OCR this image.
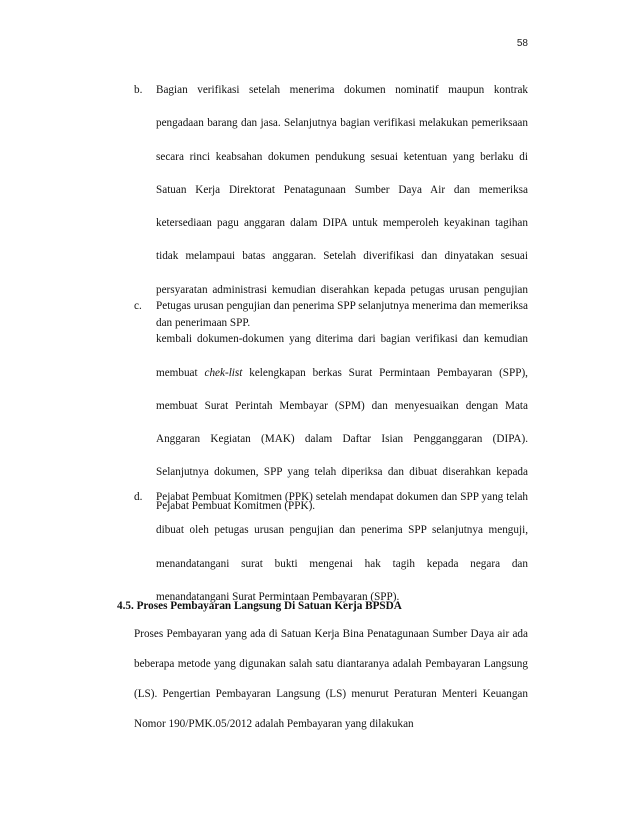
58
b. Bagian verifikasi setelah menerima dokumen nominatif maupun kontrak pengadaan barang dan jasa. Selanjutnya bagian verifikasi melakukan pemeriksaan secara rinci keabsahan dokumen pendukung sesuai ketentuan yang berlaku di Satuan Kerja Direktorat Penatagunaan Sumber Daya Air dan memeriksa ketersediaan pagu anggaran dalam DIPA untuk memperoleh keyakinan tagihan tidak melampaui batas anggaran. Setelah diverifikasi dan dinyatakan sesuai persyaratan administrasi kemudian diserahkan kepada petugas urusan pengujian dan penerimaan SPP.

c. Petugas urusan pengujian dan penerima SPP selanjutnya menerima dan memeriksa kembali dokumen-dokumen yang diterima dari bagian verifikasi dan kemudian membuat chek-list kelengkapan berkas Surat Permintaan Pembayaran (SPP), membuat Surat Perintah Membayar (SPM) dan menyesuaikan dengan Mata Anggaran Kegiatan (MAK) dalam Daftar Isian Pengganggaran (DIPA). Selanjutnya dokumen, SPP yang telah diperiksa dan dibuat diserahkan kepada Pejabat Pembuat Komitmen (PPK).

d. Pejabat Pembuat Komitmen (PPK) setelah mendapat dokumen dan SPP yang telah dibuat oleh petugas urusan pengujian dan penerima SPP selanjutnya menguji, menandatangani surat bukti mengenai hak tagih kepada negara dan menandatangani Surat Permintaan Pembayaran (SPP).

4.5. Proses Pembayaran Langsung Di Satuan Kerja BPSDA

Proses Pembayaran yang ada di Satuan Kerja Bina Penatagunaan Sumber Daya air ada beberapa metode yang digunakan salah satu diantaranya adalah Pembayaran Langsung (LS). Pengertian Pembayaran Langsung (LS) menurut Peraturan Menteri Keuangan Nomor 190/PMK.05/2012 adalah Pembayaran yang dilakukan
